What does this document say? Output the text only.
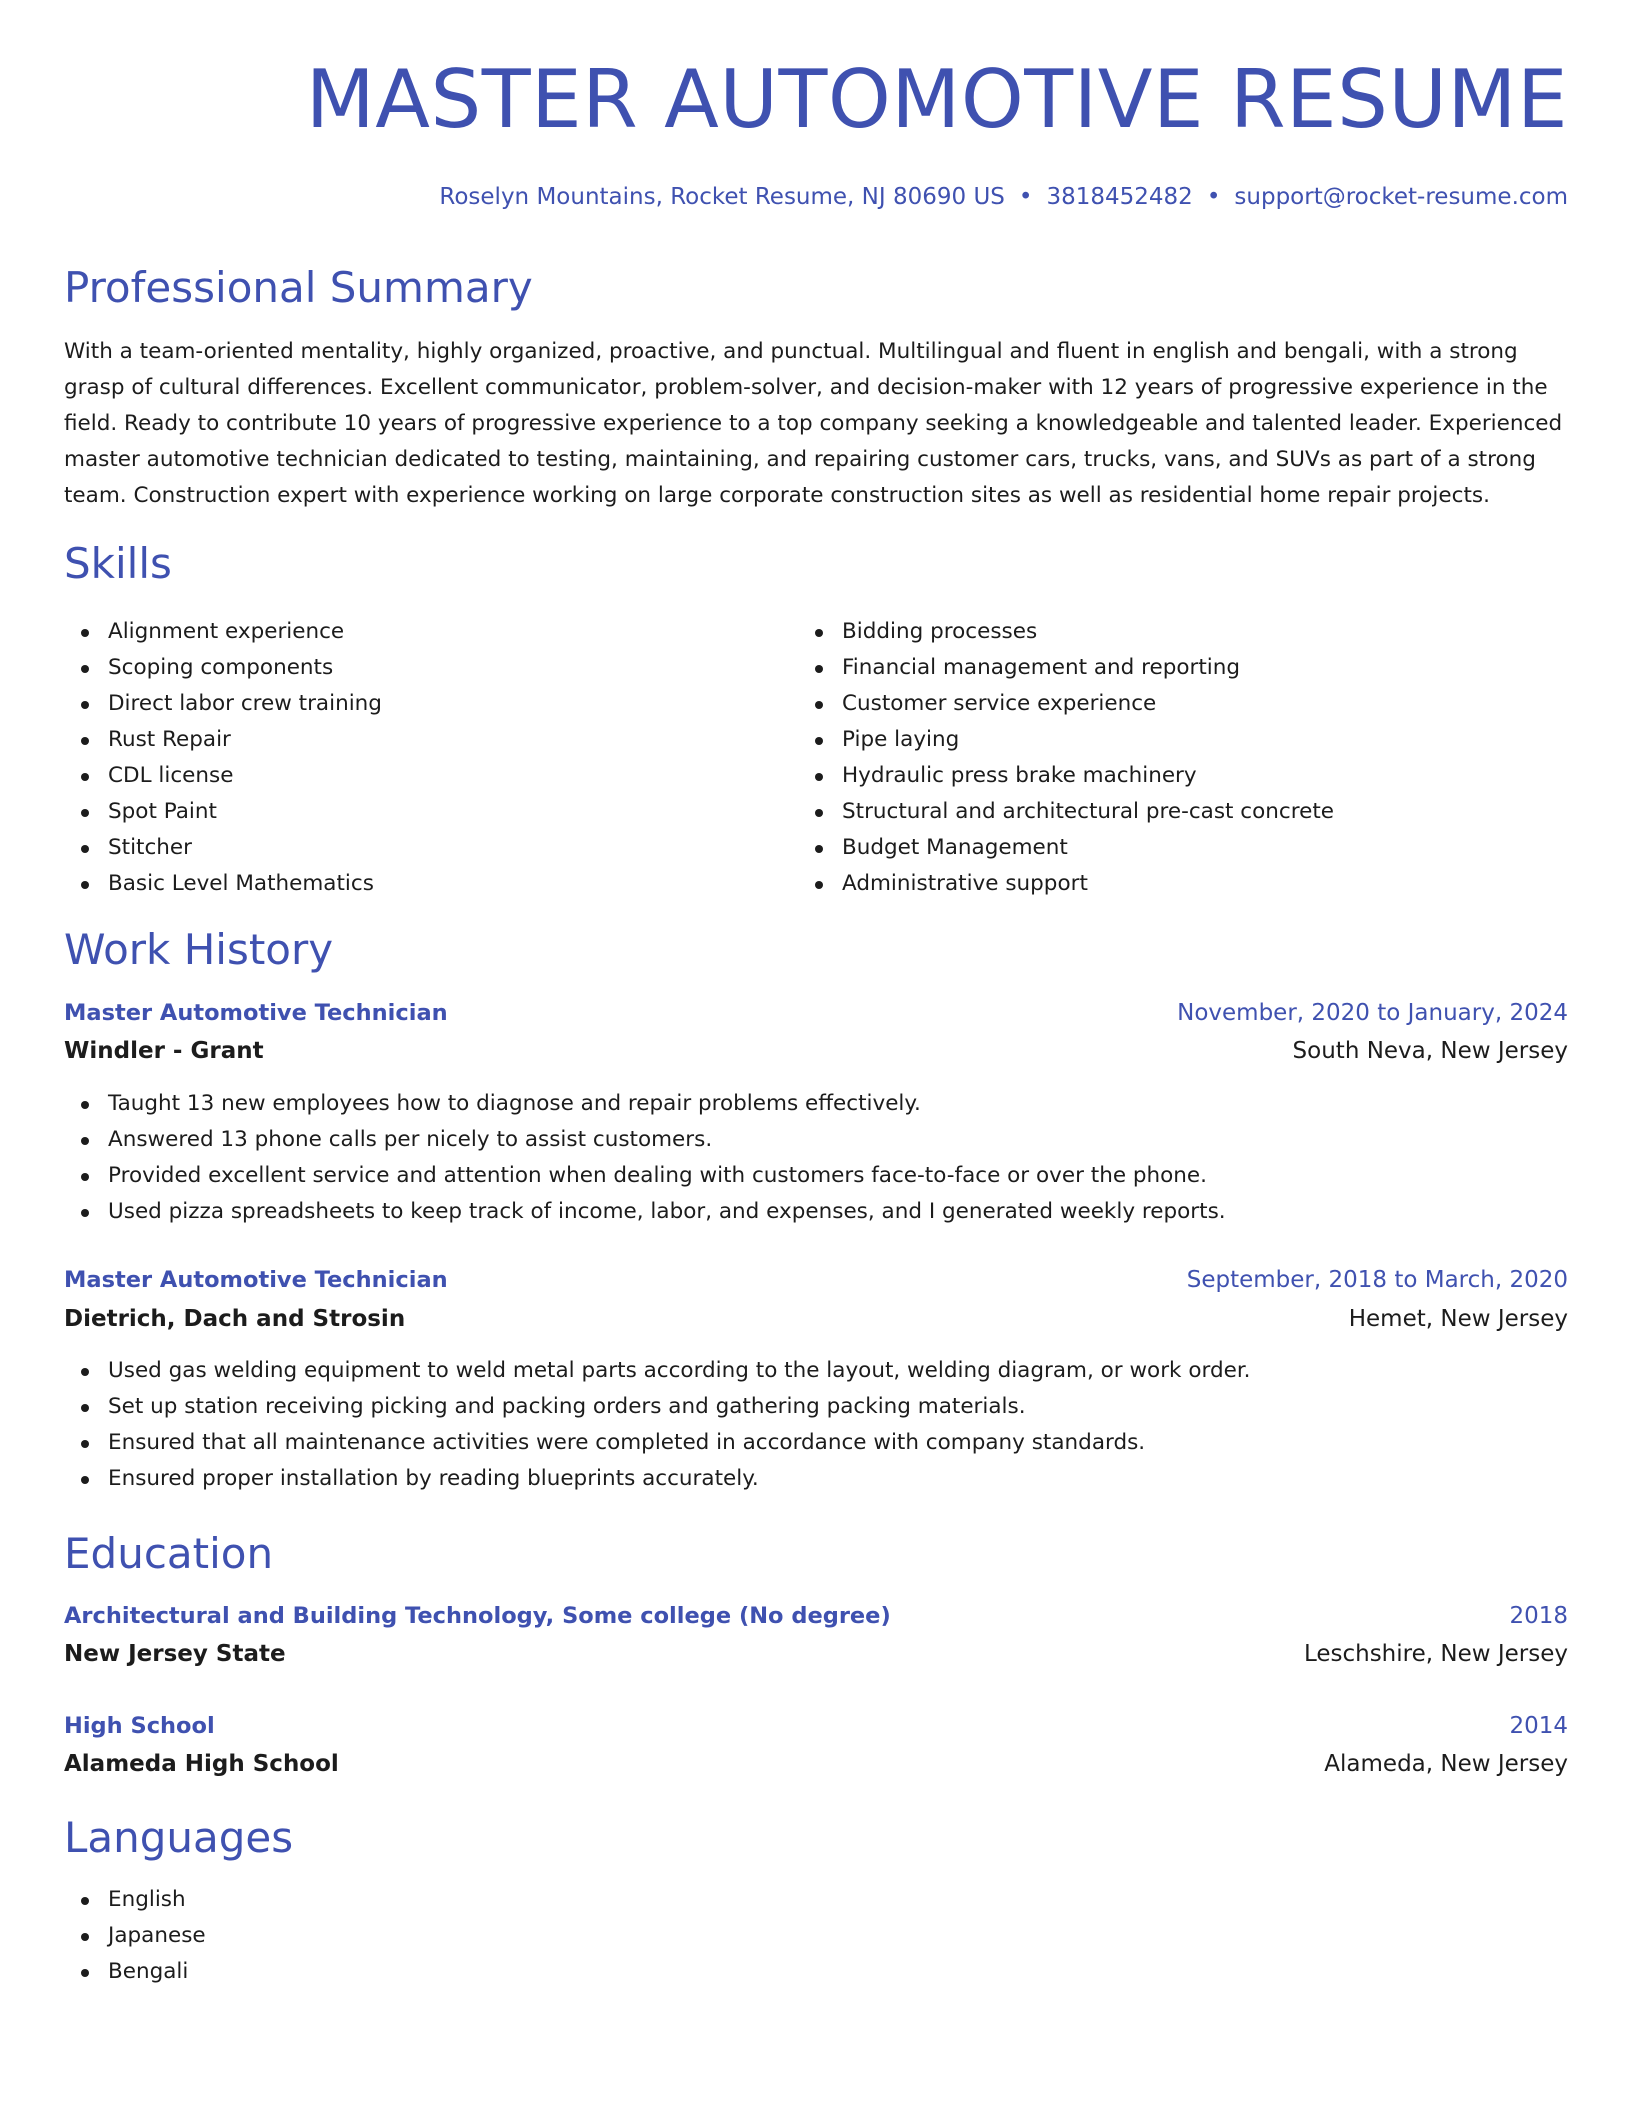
MASTER AUTOMOTIVE RESUME
Roselyn Mountains, Rocket Resume, NJ 80690 US • 3818452482 • support@rocket-resume.com
Professional Summary

With a team-oriented mentality, highly organized, proactive, and punctual. Multilingual and fluent in english and bengali, with a strong grasp of cultural differences. Excellent communicator, problem-solver, and decision-maker with 12 years of progressive experience in the field. Ready to contribute 10 years of progressive experience to a top company seeking a knowledgeable and talented leader. Experienced master automotive technician dedicated to testing, maintaining, and repairing customer cars, trucks, vans, and SUVs as part of a strong team. Construction expert with experience working on large corporate construction sites as well as residential home repair projects.

Skills
Alignment experience
Scoping components
Direct labor crew training
Rust Repair
CDL license
Spot Paint
Stitcher
Basic Level Mathematics
Bidding processes
Financial management and reporting
Customer service experience
Pipe laying
Hydraulic press brake machinery
Structural and architectural pre-cast concrete
Budget Management
Administrative support
Work History
Master Automotive Technician	November, 2020 to January, 2024
Windler - Grant	South Neva, New Jersey
Taught 13 new employees how to diagnose and repair problems effectively.
Answered 13 phone calls per nicely to assist customers.
Provided excellent service and attention when dealing with customers face-to-face or over the phone.
Used pizza spreadsheets to keep track of income, labor, and expenses, and I generated weekly reports.
Master Automotive Technician	September, 2018 to March, 2020
Dietrich, Dach and Strosin	Hemet, New Jersey
Used gas welding equipment to weld metal parts according to the layout, welding diagram, or work order.
Set up station receiving picking and packing orders and gathering packing materials.
Ensured that all maintenance activities were completed in accordance with company standards.
Ensured proper installation by reading blueprints accurately.
Education
Architectural and Building Technology, Some college (No degree)	2018
New Jersey State	Leschshire, New Jersey
High School	2014
Alameda High School	Alameda, New Jersey
Languages
English
Japanese
Bengali
